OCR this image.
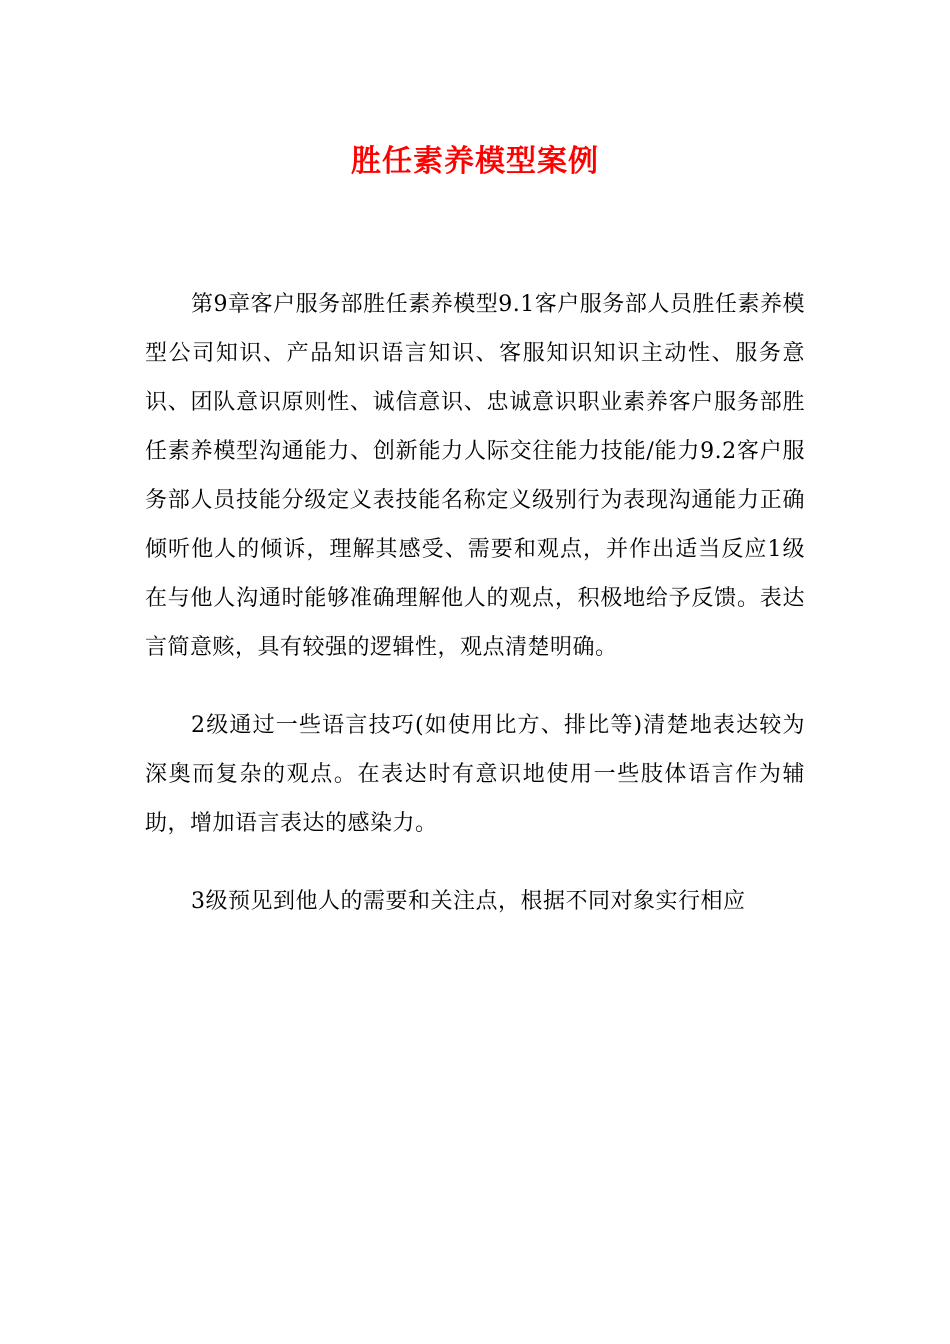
胜任素养模型案例

第9章客户服务部胜任素养模型9.1客户服务部人员胜任素养模型公司知识、产品知识语言知识、客服知识知识主动性、服务意识、团队意识原则性、诚信意识、忠诚意识职业素养客户服务部胜任素养模型沟通能力、创新能力人际交往能力技能/能力9.2客户服务部人员技能分级定义表技能名称定义级别行为表现沟通能力正确倾听他人的倾诉，理解其感受、需要和观点，并作出适当反应1级在与他人沟通时能够准确理解他人的观点，积极地给予反馈。表达言简意赅，具有较强的逻辑性，观点清楚明确。

2级通过一些语言技巧(如使用比方、排比等)清楚地表达较为深奥而复杂的观点。在表达时有意识地使用一些肢体语言作为辅助，增加语言表达的感染力。

3级预见到他人的需要和关注点，根据不同对象实行相应
